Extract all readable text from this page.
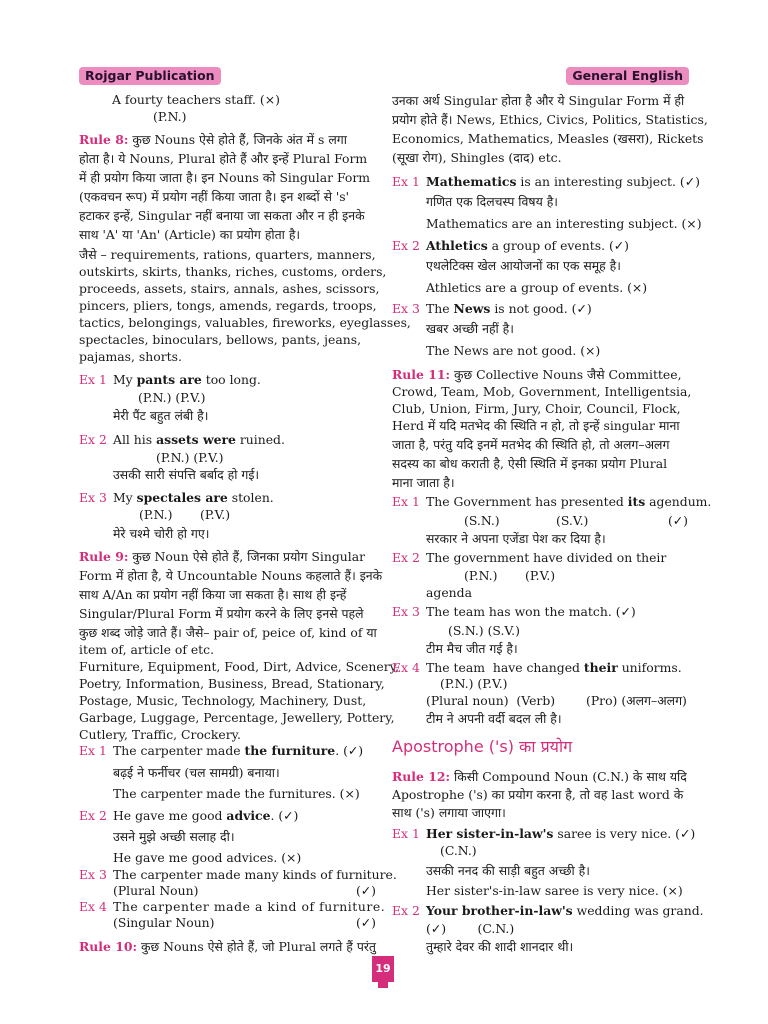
Rojgar Publication	General English
A fourty teachers staff. (×)
(P.N.)
Rule 8: कुछ Nouns ऐसे होते हैं, जिनके अंत में s लगा
होता है। ये Nouns, Plural होते हैं और इन्हें Plural Form
में ही प्रयोग किया जाता है। इन Nouns को Singular Form
(एकवचन रूप) में प्रयोग नहीं किया जाता है। इन शब्दों से 's'
हटाकर इन्हें, Singular नहीं बनाया जा सकता और न ही इनके
साथ 'A' या 'An' (Article) का प्रयोग होता है।
जैसे – requirements, rations, quarters, manners,
outskirts, skirts, thanks, riches, customs, orders,
proceeds, assets, stairs, annals, ashes, scissors,
pincers, pliers, tongs, amends, regards, troops,
tactics, belongings, valuables, fireworks, eyeglasses,
spectacles, binoculars, bellows, pants, jeans,
pajamas, shorts.
Ex 1 My pants are too long.
(P.N.) (P.V.)
मेरी पैंट बहुत लंबी है।
Ex 2 All his assets were ruined.
(P.N.) (P.V.)
उसकी सारी संपत्ति बर्बाद हो गई।
Ex 3 My spectales are stolen.
(P.N.)       (P.V.)
मेरे चश्मे चोरी हो गए।
Rule 9: कुछ Noun ऐसे होते हैं, जिनका प्रयोग Singular
Form में होता है, ये Uncountable Nouns कहलाते हैं। इनके
साथ A/An का प्रयोग नहीं किया जा सकता है। साथ ही इन्हें
Singular/Plural Form में प्रयोग करने के लिए इनसे पहले
कुछ शब्द जोड़े जाते हैं। जैसे– pair of, peice of, kind of या
item of, article of etc.
Furniture, Equipment, Food, Dirt, Advice, Scenery,
Poetry, Information, Business, Bread, Stationary,
Postage, Music, Technology, Machinery, Dust,
Garbage, Luggage, Percentage, Jewellery, Pottery,
Cutlery, Traffic, Crockery.
Ex 1 The carpenter made the furniture. (✓)
बढ़ई ने फर्नीचर (चल सामग्री) बनाया।
The carpenter made the furnitures. (×)
Ex 2 He gave me good advice. (✓)
उसने मुझे अच्छी सलाह दी।
He gave me good advices. (×)
Ex 3 The carpenter made many kinds of furniture.
(Plural Noun)	(✓)
Ex 4 The carpenter made a kind of furniture.
(Singular Noun)	(✓)
Rule 10: कुछ Nouns ऐसे होते हैं, जो Plural लगते हैं परंतु
उनका अर्थ Singular होता है और ये Singular Form में ही
प्रयोग होते हैं। News, Ethics, Civics, Politics, Statistics,
Economics, Mathematics, Measles (खसरा), Rickets
(सूखा रोग), Shingles (दाद) etc.
Ex 1 Mathematics is an interesting subject. (✓)
गणित एक दिलचस्प विषय है।
Mathematics are an interesting subject. (×)
Ex 2 Athletics a group of events. (✓)
एथलेटिक्स खेल आयोजनों का एक समूह है।
Athletics are a group of events. (×)
Ex 3 The News is not good. (✓)
खबर अच्छी नहीं है।
The News are not good. (×)
Rule 11: कुछ Collective Nouns जैसे Committee,
Crowd, Team, Mob, Government, Intelligentsia,
Club, Union, Firm, Jury, Choir, Council, Flock,
Herd में यदि मतभेद की स्थिति न हो, तो इन्हें singular माना
जाता है, परंतु यदि इनमें मतभेद की स्थिति हो, तो अलग–अलग
सदस्य का बोध कराती है, ऐसी स्थिति में इनका प्रयोग Plural
माना जाता है।
Ex 1 The Government has presented its agendum.
(S.N.)	(S.V.)	(✓)
सरकार ने अपना एजेंडा पेश कर दिया है।
Ex 2 The government have divided on their
(P.N.)       (P.V.)
agenda
Ex 3 The team has won the match. (✓)
(S.N.) (S.V.)
टीम मैच जीत गई है।
Ex 4 The team  have changed their uniforms.
(P.N.) (P.V.)
(Plural noun)  (Verb) (Pro) (अलग–अलग)
टीम ने अपनी वर्दी बदल ली है।
Apostrophe ('s) का प्रयोग
Rule 12: किसी Compound Noun (C.N.) के साथ यदि
Apostrophe ('s) का प्रयोग करना है, तो वह last word के
साथ ('s) लगाया जाएगा।
Ex 1 Her sister-in-law's saree is very nice. (✓)
(C.N.)
उसकी ननद की साड़ी बहुत अच्छी है।
Her sister's-in-law saree is very nice. (×)
Ex 2 Your brother-in-law's wedding was grand.
(✓)        (C.N.)
तुम्हारे देवर की शादी शानदार थी।
19
